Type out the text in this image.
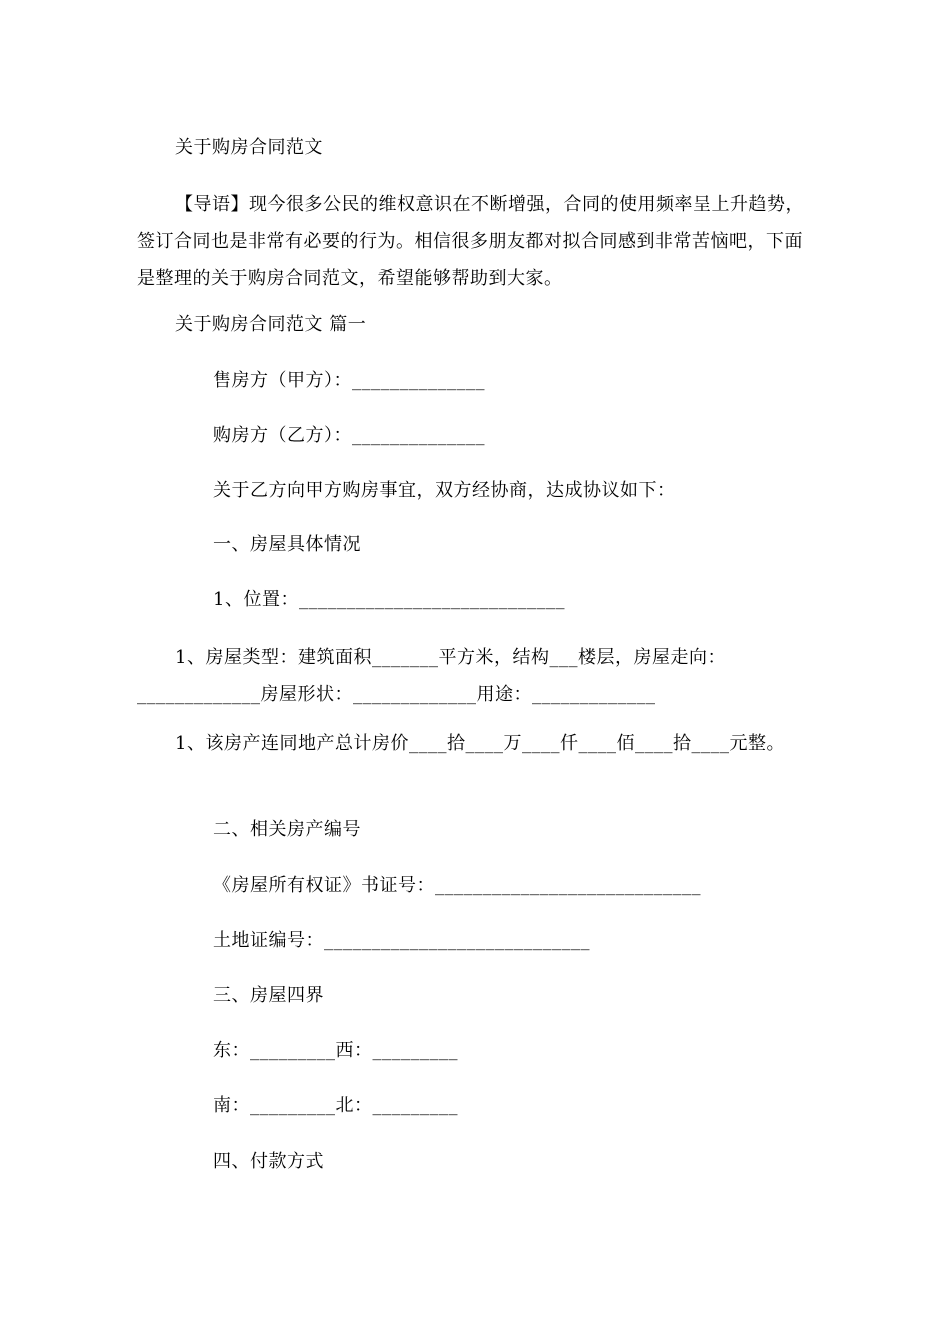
关于购房合同范文
【导语】现今很多公民的维权意识在不断增强，合同的使用频率呈上升趋势，签订合同也是非常有必要的行为。相信很多朋友都对拟合同感到非常苦恼吧，下面是整理的关于购房合同范文，希望能够帮助到大家。
关于购房合同范文 篇一
售房方（甲方）：______________
购房方（乙方）：______________
关于乙方向甲方购房事宜，双方经协商，达成协议如下：
一、房屋具体情况
1、位置：____________________________
1、房屋类型：建筑面积_______平方米，结构___楼层，房屋走向：_____________房屋形状：_____________用途：_____________
1、该房产连同地产总计房价____拾____万____仟____佰____拾____元整。
二、相关房产编号
《房屋所有权证》书证号：____________________________
土地证编号：____________________________
三、房屋四界
东：_________西：_________
南：_________北：_________
四、付款方式
